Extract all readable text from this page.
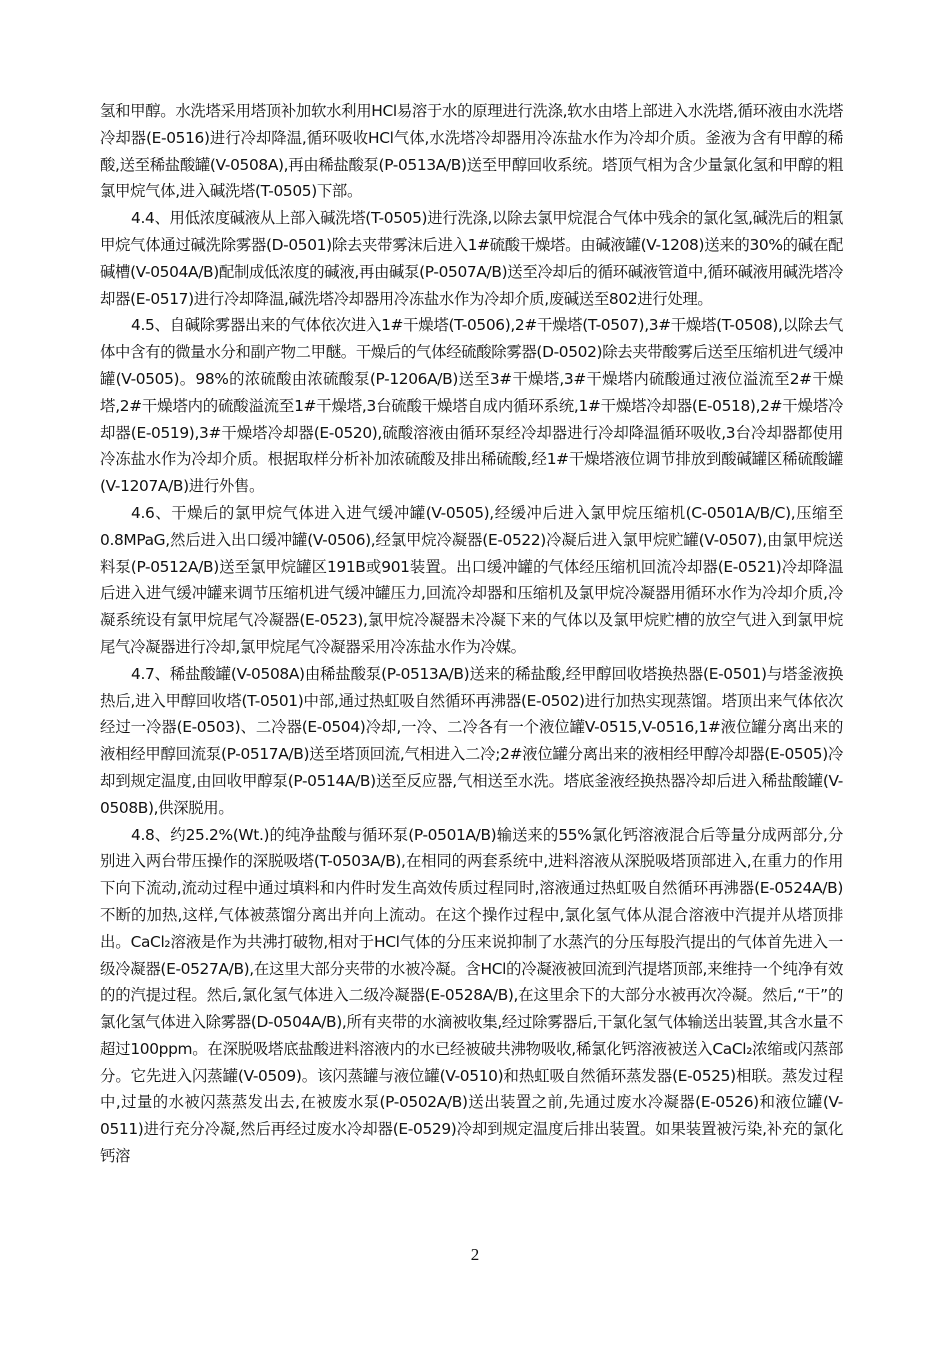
氢和甲醇。水洗塔采用塔顶补加软水利用HCl易溶于水的原理进行洗涤,软水由塔上部进入水洗塔,循环液由水洗塔冷却器(E-0516)进行冷却降温,循环吸收HCl气体,水洗塔冷却器用冷冻盐水作为冷却介质。釜液为含有甲醇的稀酸,送至稀盐酸罐(V-0508A),再由稀盐酸泵(P-0513A/B)送至甲醇回收系统。塔顶气相为含少量氯化氢和甲醇的粗氯甲烷气体,进入碱洗塔(T-0505)下部。

4.4、用低浓度碱液从上部入碱洗塔(T-0505)进行洗涤,以除去氯甲烷混合气体中残余的氯化氢,碱洗后的粗氯甲烷气体通过碱洗除雾器(D-0501)除去夹带雾沫后进入1#硫酸干燥塔。由碱液罐(V-1208)送来的30%的碱在配碱槽(V-0504A/B)配制成低浓度的碱液,再由碱泵(P-0507A/B)送至冷却后的循环碱液管道中,循环碱液用碱洗塔冷却器(E-0517)进行冷却降温,碱洗塔冷却器用冷冻盐水作为冷却介质,废碱送至802进行处理。

4.5、自碱除雾器出来的气体依次进入1#干燥塔(T-0506),2#干燥塔(T-0507),3#干燥塔(T-0508),以除去气体中含有的微量水分和副产物二甲醚。干燥后的气体经硫酸除雾器(D-0502)除去夹带酸雾后送至压缩机进气缓冲罐(V-0505)。98%的浓硫酸由浓硫酸泵(P-1206A/B)送至3#干燥塔,3#干燥塔内硫酸通过液位溢流至2#干燥塔,2#干燥塔内的硫酸溢流至1#干燥塔,3台硫酸干燥塔自成内循环系统,1#干燥塔冷却器(E-0518),2#干燥塔冷却器(E-0519),3#干燥塔冷却器(E-0520),硫酸溶液由循环泵经冷却器进行冷却降温循环吸收,3台冷却器都使用冷冻盐水作为冷却介质。根据取样分析补加浓硫酸及排出稀硫酸,经1#干燥塔液位调节排放到酸碱罐区稀硫酸罐(V-1207A/B)进行外售。

4.6、干燥后的氯甲烷气体进入进气缓冲罐(V-0505),经缓冲后进入氯甲烷压缩机(C-0501A/B/C),压缩至0.8MPaG,然后进入出口缓冲罐(V-0506),经氯甲烷冷凝器(E-0522)冷凝后进入氯甲烷贮罐(V-0507),由氯甲烷送料泵(P-0512A/B)送至氯甲烷罐区191B或901装置。出口缓冲罐的气体经压缩机回流冷却器(E-0521)冷却降温后进入进气缓冲罐来调节压缩机进气缓冲罐压力,回流冷却器和压缩机及氯甲烷冷凝器用循环水作为冷却介质,冷凝系统设有氯甲烷尾气冷凝器(E-0523),氯甲烷冷凝器未冷凝下来的气体以及氯甲烷贮槽的放空气进入到氯甲烷尾气冷凝器进行冷却,氯甲烷尾气冷凝器采用冷冻盐水作为冷媒。

4.7、稀盐酸罐(V-0508A)由稀盐酸泵(P-0513A/B)送来的稀盐酸,经甲醇回收塔换热器(E-0501)与塔釜液换热后,进入甲醇回收塔(T-0501)中部,通过热虹吸自然循环再沸器(E-0502)进行加热实现蒸馏。塔顶出来气体依次经过一冷器(E-0503)、二冷器(E-0504)冷却,一冷、二冷各有一个液位罐V-0515,V-0516,1#液位罐分离出来的液相经甲醇回流泵(P-0517A/B)送至塔顶回流,气相进入二冷;2#液位罐分离出来的液相经甲醇冷却器(E-0505)冷却到规定温度,由回收甲醇泵(P-0514A/B)送至反应器,气相送至水洗。塔底釜液经换热器冷却后进入稀盐酸罐(V-0508B),供深脱用。

4.8、约25.2%(Wt.)的纯净盐酸与循环泵(P-0501A/B)输送来的55%氯化钙溶液混合后等量分成两部分,分别进入两台带压操作的深脱吸塔(T-0503A/B),在相同的两套系统中,进料溶液从深脱吸塔顶部进入,在重力的作用下向下流动,流动过程中通过填料和内件时发生高效传质过程同时,溶液通过热虹吸自然循环再沸器(E-0524A/B)不断的加热,这样,气体被蒸馏分离出并向上流动。在这个操作过程中,氯化氢气体从混合溶液中汽提并从塔顶排出。CaCl₂溶液是作为共沸打破物,相对于HCl气体的分压来说抑制了水蒸汽的分压每股汽提出的气体首先进入一级冷凝器(E-0527A/B),在这里大部分夹带的水被冷凝。含HCl的冷凝液被回流到汽提塔顶部,来维持一个纯净有效的的汽提过程。然后,氯化氢气体进入二级冷凝器(E-0528A/B),在这里余下的大部分水被再次冷凝。然后,“干”的氯化氢气体进入除雾器(D-0504A/B),所有夹带的水滴被收集,经过除雾器后,干氯化氢气体输送出装置,其含水量不超过100ppm。在深脱吸塔底盐酸进料溶液内的水已经被破共沸物吸收,稀氯化钙溶液被送入CaCl₂浓缩或闪蒸部分。它先进入闪蒸罐(V-0509)。该闪蒸罐与液位罐(V-0510)和热虹吸自然循环蒸发器(E-0525)相联。蒸发过程中,过量的水被闪蒸蒸发出去,在被废水泵(P-0502A/B)送出装置之前,先通过废水冷凝器(E-0526)和液位罐(V-0511)进行充分冷凝,然后再经过废水冷却器(E-0529)冷却到规定温度后排出装置。如果装置被污染,补充的氯化钙溶

2
